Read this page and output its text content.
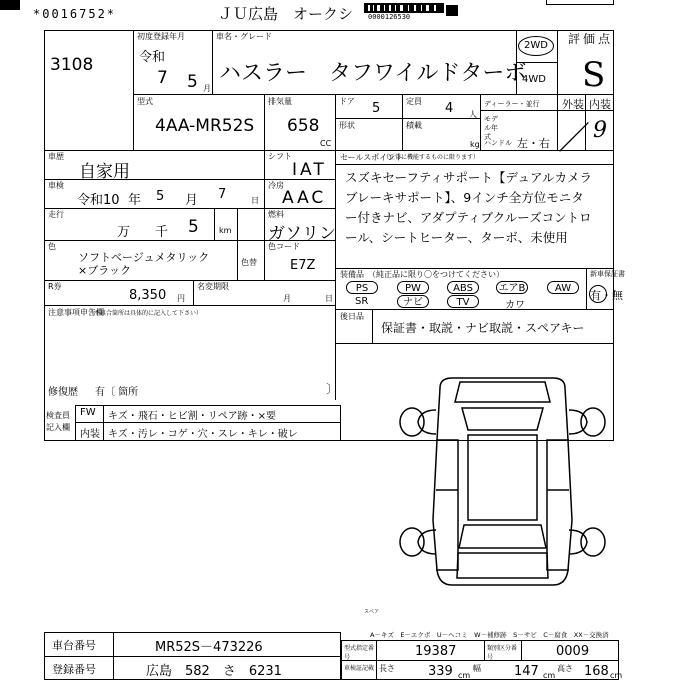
*0016752*	ＪＵ広島　オークシ 0000126530
3108
初度登録年月
令和
7 5 月
車名・グレード
ハスラー　タフワイルドターボ
2WD
4WD
評価点
S
型式
4AA-MR52S
排気量
658
CC
ドア 5	定員 4 人
形状	積載
kg
ディーラー・並行
モデル年式
ハンドル 左・右
外装 内装
／ 9
車歴
自家用
シフト
IAT
車検
令和10 年 5 月 7	日
冷房
AAC
走行
万 千 5	km
燃料
ガソリン
色
ソフトベージュメタリック
×ブラック
色替
色コード
E7Z
R券
8,350 円
名変期限
月	日
注意事項申告欄
（不具合箇所は具体的に記入して下さい）
修復歴 有〔 箇所	〕
セールスポイント
（正常に機能するものに限ります）
スズキセーフティサポート【デュアルカメラ
ブレーキサポート】、9インチ全方位モニタ
ー付きナビ、アダプティブクルーズコントロ
ール、シートヒーター、ターボ、未使用
装備品 （純正品に限り〇をつけてください）
PS	PW	ABS	エアB	AW
SR	ナビ	TV	カワ
新車保証書
有・無
後日品
保証書・取説・ナビ取説・スペアキー
検査員
記入欄
FW キズ・飛石・ヒビ割・リペア跡・×要
内装 キズ・汚レ・コゲ・穴・スレ・キレ・破レ
スペア
A－キズ　E－エクボ　U－ヘコミ　W－補修跡　S－サビ　C－腐食　XX－交換済
車台番号	MR52S－473226
登録番号	広島　582　さ　6231
型式指定番号	19387	類別区分番号	0009
車検証記載 長さ	339 cm
幅	147 cm
高さ 168 cm
